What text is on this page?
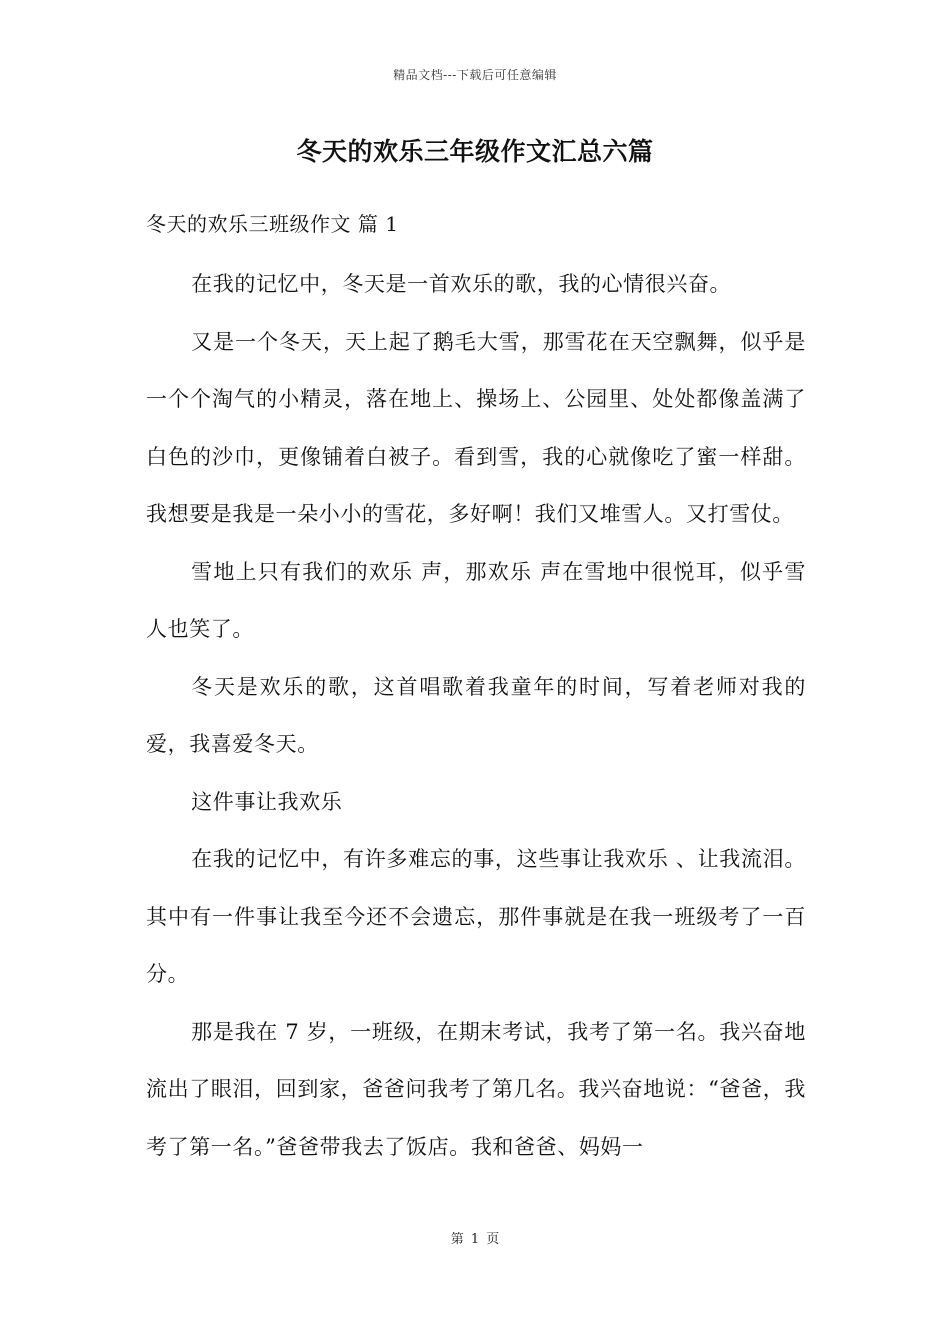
精品文档---下载后可任意编辑
冬天的欢乐三年级作文汇总六篇
冬天的欢乐三班级作文 篇 1

在我的记忆中，冬天是一首欢乐的歌，我的心情很兴奋。

又是一个冬天，天上起了鹅毛大雪，那雪花在天空飘舞，似乎是一个个淘气的小精灵，落在地上、操场上、公园里、处处都像盖满了白色的沙巾，更像铺着白被子。看到雪，我的心就像吃了蜜一样甜。我想要是我是一朵小小的雪花，多好啊！我们又堆雪人。又打雪仗。

雪地上只有我们的欢乐 声，那欢乐 声在雪地中很悦耳，似乎雪人也笑了。

冬天是欢乐的歌，这首唱歌着我童年的时间，写着老师对我的爱，我喜爱冬天。

这件事让我欢乐

在我的记忆中，有许多难忘的事，这些事让我欢乐 、让我流泪。其中有一件事让我至今还不会遗忘，那件事就是在我一班级考了一百分。

那是我在 7 岁，一班级，在期末考试，我考了第一名。我兴奋地流出了眼泪，回到家，爸爸问我考了第几名。我兴奋地说：“爸爸，我考了第一名。”爸爸带我去了饭店。我和爸爸、妈妈一

第 1 页
